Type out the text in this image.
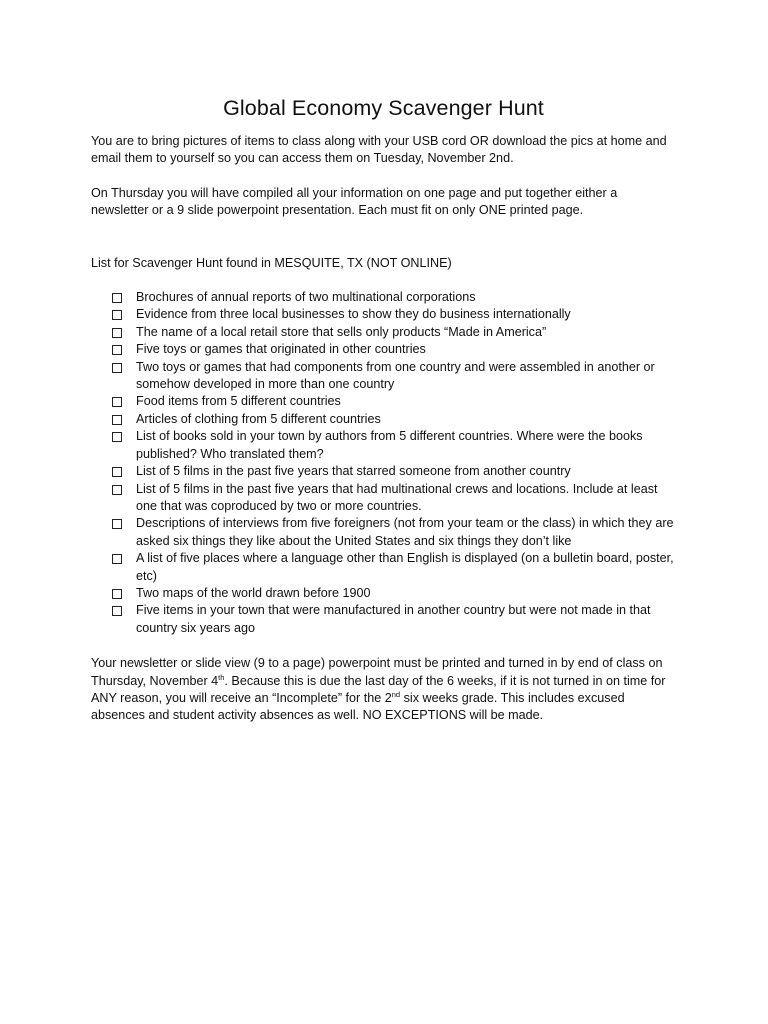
Global Economy Scavenger Hunt

You are to bring pictures of items to class along with your USB cord OR download the pics at home and email them to yourself so you can access them on Tuesday, November 2nd.

On Thursday you will have compiled all your information on one page and put together either a newsletter or a 9 slide powerpoint presentation. Each must fit on only ONE printed page.

List for Scavenger Hunt found in MESQUITE, TX (NOT ONLINE)

Brochures of annual reports of two multinational corporations
Evidence from three local businesses to show they do business internationally
The name of a local retail store that sells only products “Made in America”
Five toys or games that originated in other countries
Two toys or games that had components from one country and were assembled in another or somehow developed in more than one country
Food items from 5 different countries
Articles of clothing from 5 different countries
List of books sold in your town by authors from 5 different countries. Where were the books published? Who translated them?
List of 5 films in the past five years that starred someone from another country
List of 5 films in the past five years that had multinational crews and locations. Include at least one that was coproduced by two or more countries.
Descriptions of interviews from five foreigners (not from your team or the class) in which they are asked six things they like about the United States and six things they don’t like
A list of five places where a language other than English is displayed (on a bulletin board, poster, etc)
Two maps of the world drawn before 1900
Five items in your town that were manufactured in another country but were not made in that country six years ago

Your newsletter or slide view (9 to a page) powerpoint must be printed and turned in by end of class on Thursday, November 4th. Because this is due the last day of the 6 weeks, if it is not turned in on time for ANY reason, you will receive an “Incomplete” for the 2nd six weeks grade. This includes excused absences and student activity absences as well. NO EXCEPTIONS will be made.
